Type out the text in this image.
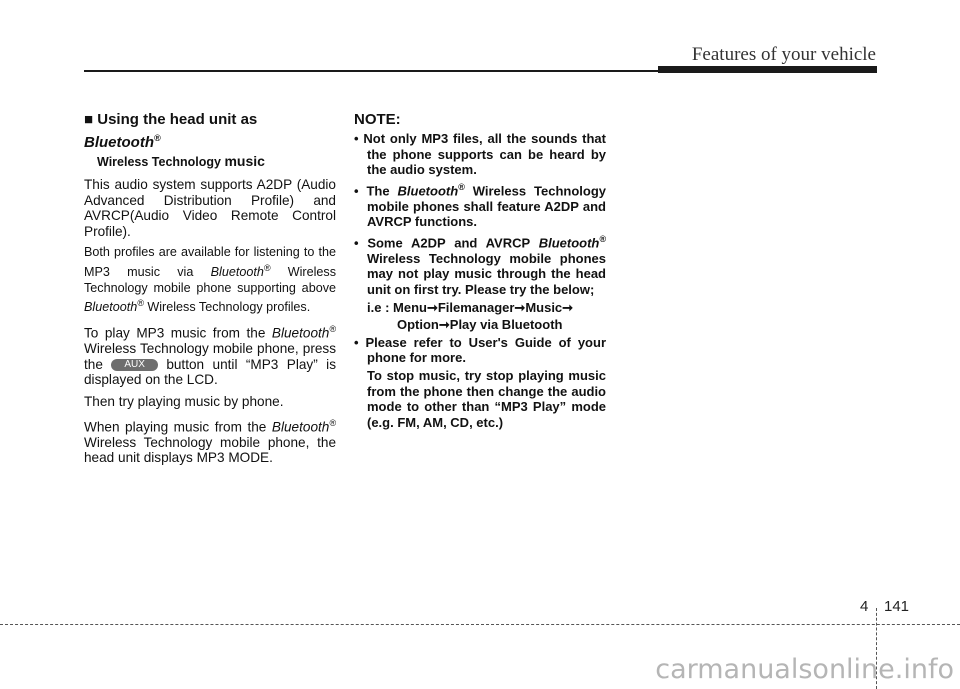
Features of your vehicle
■ Using the head unit as Bluetooth®
Wireless Technology music

This audio system supports A2DP (Audio Advanced Distribution Profile) and AVRCP(Audio Video Remote Control Profile).

Both profiles are available for listening to the MP3 music via Bluetooth® Wireless Technology mobile phone supporting above Bluetooth® Wireless Technology profiles.

To play MP3 music from the Bluetooth® Wireless Technology mobile phone, press the AUX button until “MP3 Play” is displayed on the LCD.

Then try playing music by phone.

When playing music from the Bluetooth® Wireless Technology mobile phone, the head unit displays MP3 MODE.

NOTE:
• Not only MP3 files, all the sounds that the phone supports can be heard by the audio system.
• The Bluetooth® Wireless Technology mobile phones shall feature A2DP and AVRCP functions.
• Some A2DP and AVRCP Bluetooth® Wireless Technology mobile phones may not play music through the head unit on first try. Please try the below;
i.e : Menu➞Filemanager➞Music➞
Option➞Play via Bluetooth
• Please refer to User's Guide of your phone for more.
To stop music, try stop playing music from the phone then change the audio mode to other than “MP3 Play” mode (e.g. FM, AM, CD, etc.)
4 141
carmanualsonline.info
